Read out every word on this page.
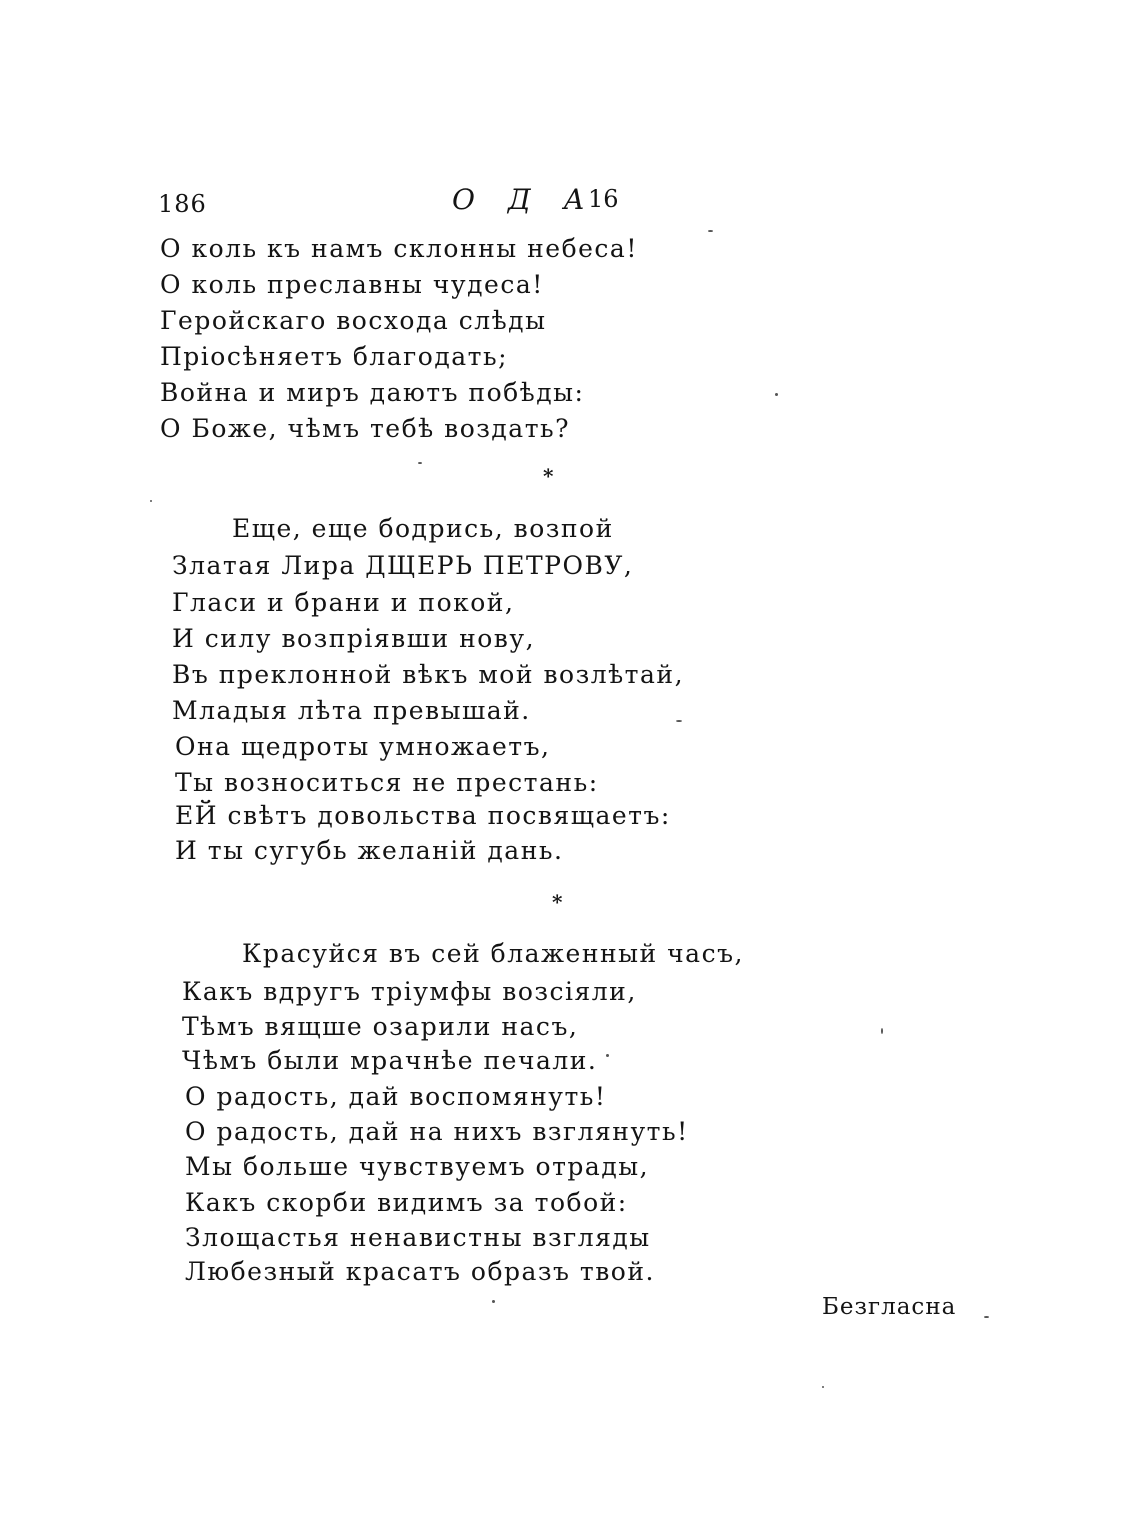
186	О Д А
16
О коль къ намъ склонны небеса!
О коль преславны чудеса!
Геройскаго восхода слѣды
Пріосѣняетъ благодать;
Война и миръ даютъ побѣды:
О Боже, чѣмъ тебѣ воздать?
*
Еще, еще бодрись, возпой
Златая Лира ДЩЕРЬ ПЕТРОВУ,
Гласи и брани и покой,
И силу возпріявши нову,
Въ преклонной вѣкъ мой возлѣтай,
Младыя лѣта превышай.
Она щедроты умножаетъ,
Ты возноситься не престань:
ЕЙ свѣтъ довольства посвящаетъ:
И ты сугубь желаній дань.
*
Красуйся въ сей блаженный часъ,
Какъ вдругъ тріумфы возсіяли,
Тѣмъ вящше озарили насъ,
Чѣмъ были мрачнѣе печали.
О радость, дай воспомянуть!
О радость, дай на нихъ взглянуть!
Мы больше чувствуемъ отрады,
Какъ скорби видимъ за тобой:
Злощастья ненавистны взгляды
Любезный красатъ образъ твой.
Безгласна
